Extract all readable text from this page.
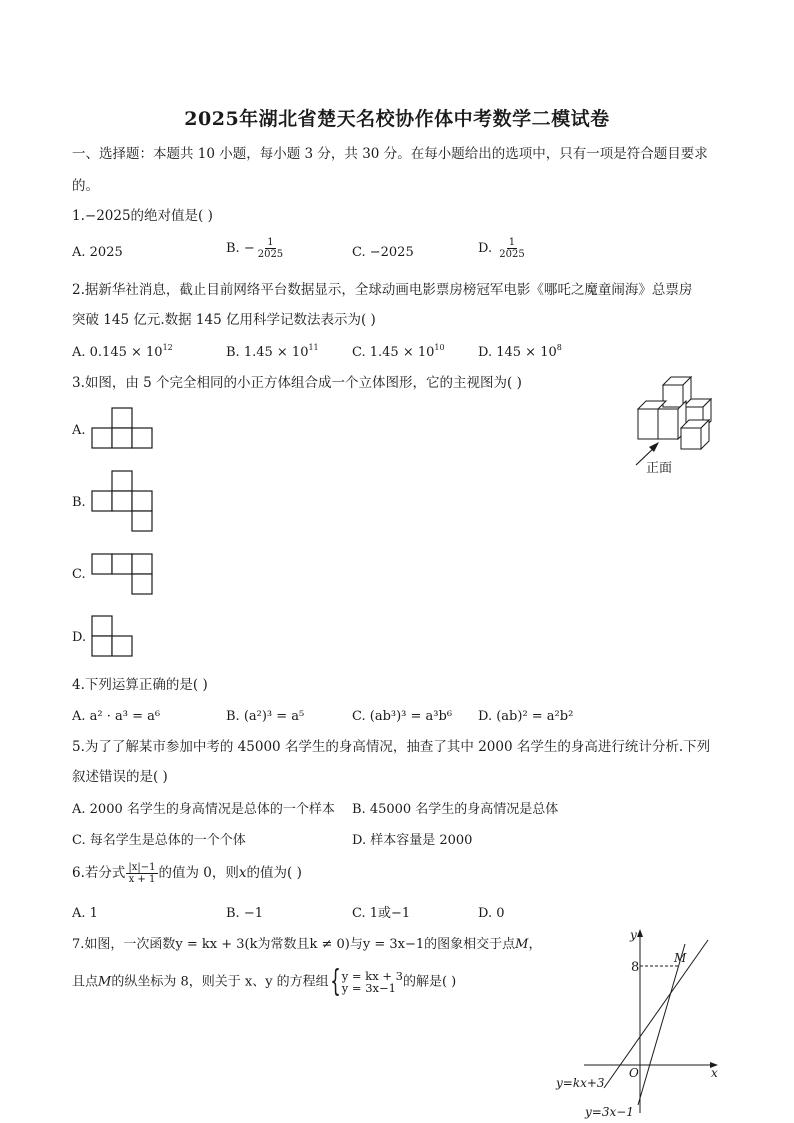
2025年湖北省楚天名校协作体中考数学二模试卷
一、选择题：本题共 10 小题，每小题 3 分，共 30 分。在每小题给出的选项中，只有一项是符合题目要求
的。
1.−2025的绝对值是( )
A. 2025	B. − $\frac{1}{2025}$	C. −2025	D. $\frac{1}{2025}$
2.据新华社消息，截止目前网络平台数据显示，全球动画电影票房榜冠军电影《哪吒之魔童闹海》总票房
突破 145 亿元.数据 145 亿用科学记数法表示为( )
A. $0.145 \times 10^{12}$	B. $1.45 \times 10^{11}$	C. $1.45 \times 10^{10}$	D. $145 \times 10^8$
3.如图，由 5 个完全相同的小正方体组合成一个立体图形，它的主视图为( )
正面
A.
B.
C.
D.
4.下列运算正确的是( )
A. a² · a³ = a⁶	B. (a²)³ = a⁵	C. (ab³)³ = a³b⁶ D. (ab)² = a²b²
5.为了了解某市参加中考的 45000 名学生的身高情况，抽查了其中 2000 名学生的身高进行统计分析.下列
叙述错误的是( )
A. 2000 名学生的身高情况是总体的一个样本 B. 45000 名学生的身高情况是总体
C. 每名学生是总体的一个个体	D. 样本容量是 2000
6.若分式 $\frac{|x|-1}{x + 1}$ 的值为 0，则x的值为( )
A. 1	B. −1	C. 1或−1	D. 0
7.如图，一次函数y = kx + 3(k为常数且k ≠ 0)与y = 3x−1的图象相交于点M，
且点M的纵坐标为 8，则关于 x、y 的方程组 { y = kx + 3
y = 3x−1 的解是( )
y
x
O
8
M
y=kx+3
y=3x−1
